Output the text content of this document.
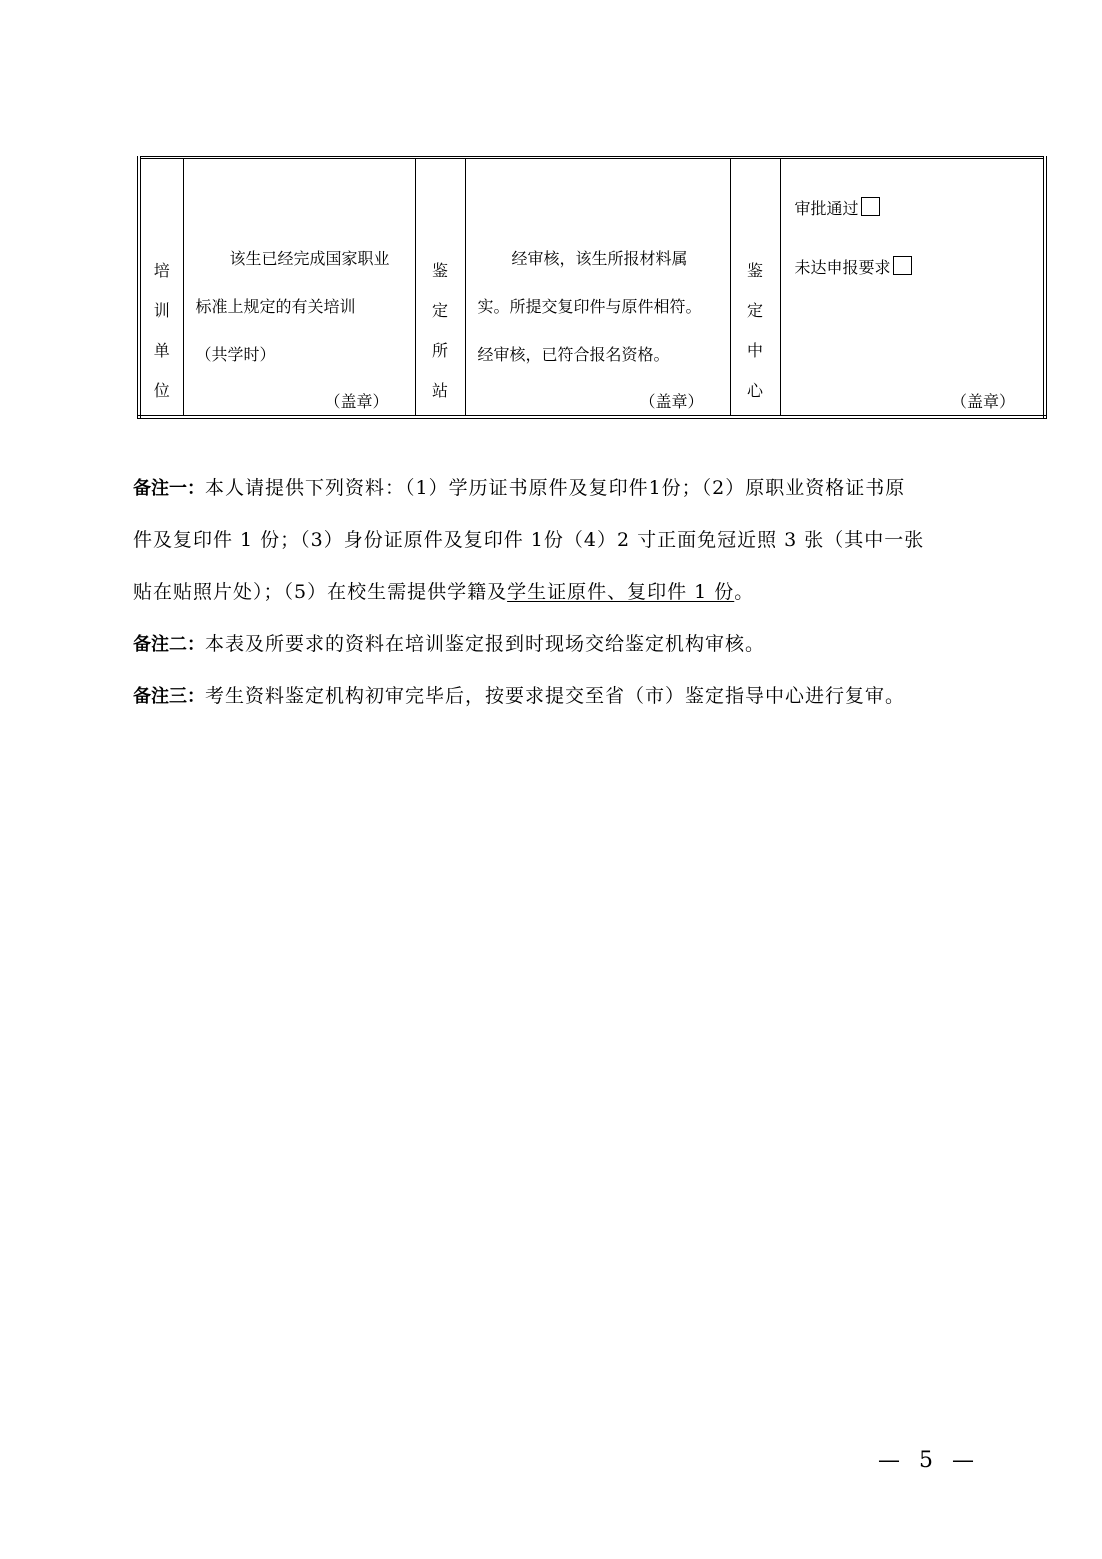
培
训
单
位

该生已经完成国家职业
标准上规定的有关培训
（共学时）
（盖章）

鉴
定
所
站

经审核，该生所报材料属
实。所提交复印件与原件相符。
经审核，已符合报名资格。
（盖章）

鉴
定
中
心

审批通过
未达申报要求
（盖章）
备注一：本人请提供下列资料：（1）学历证书原件及复印件1份；（2）原职业资格证书原
件及复印件 1 份；（3）身份证原件及复印件 1份（4）2 寸正面免冠近照 3 张（其中一张
贴在贴照片处）；（5）在校生需提供学籍及学生证原件、复印件 1 份。
备注二：本表及所要求的资料在培训鉴定报到时现场交给鉴定机构审核。
备注三：考生资料鉴定机构初审完毕后，按要求提交至省（市）鉴定指导中心进行复审。
— 5 —
